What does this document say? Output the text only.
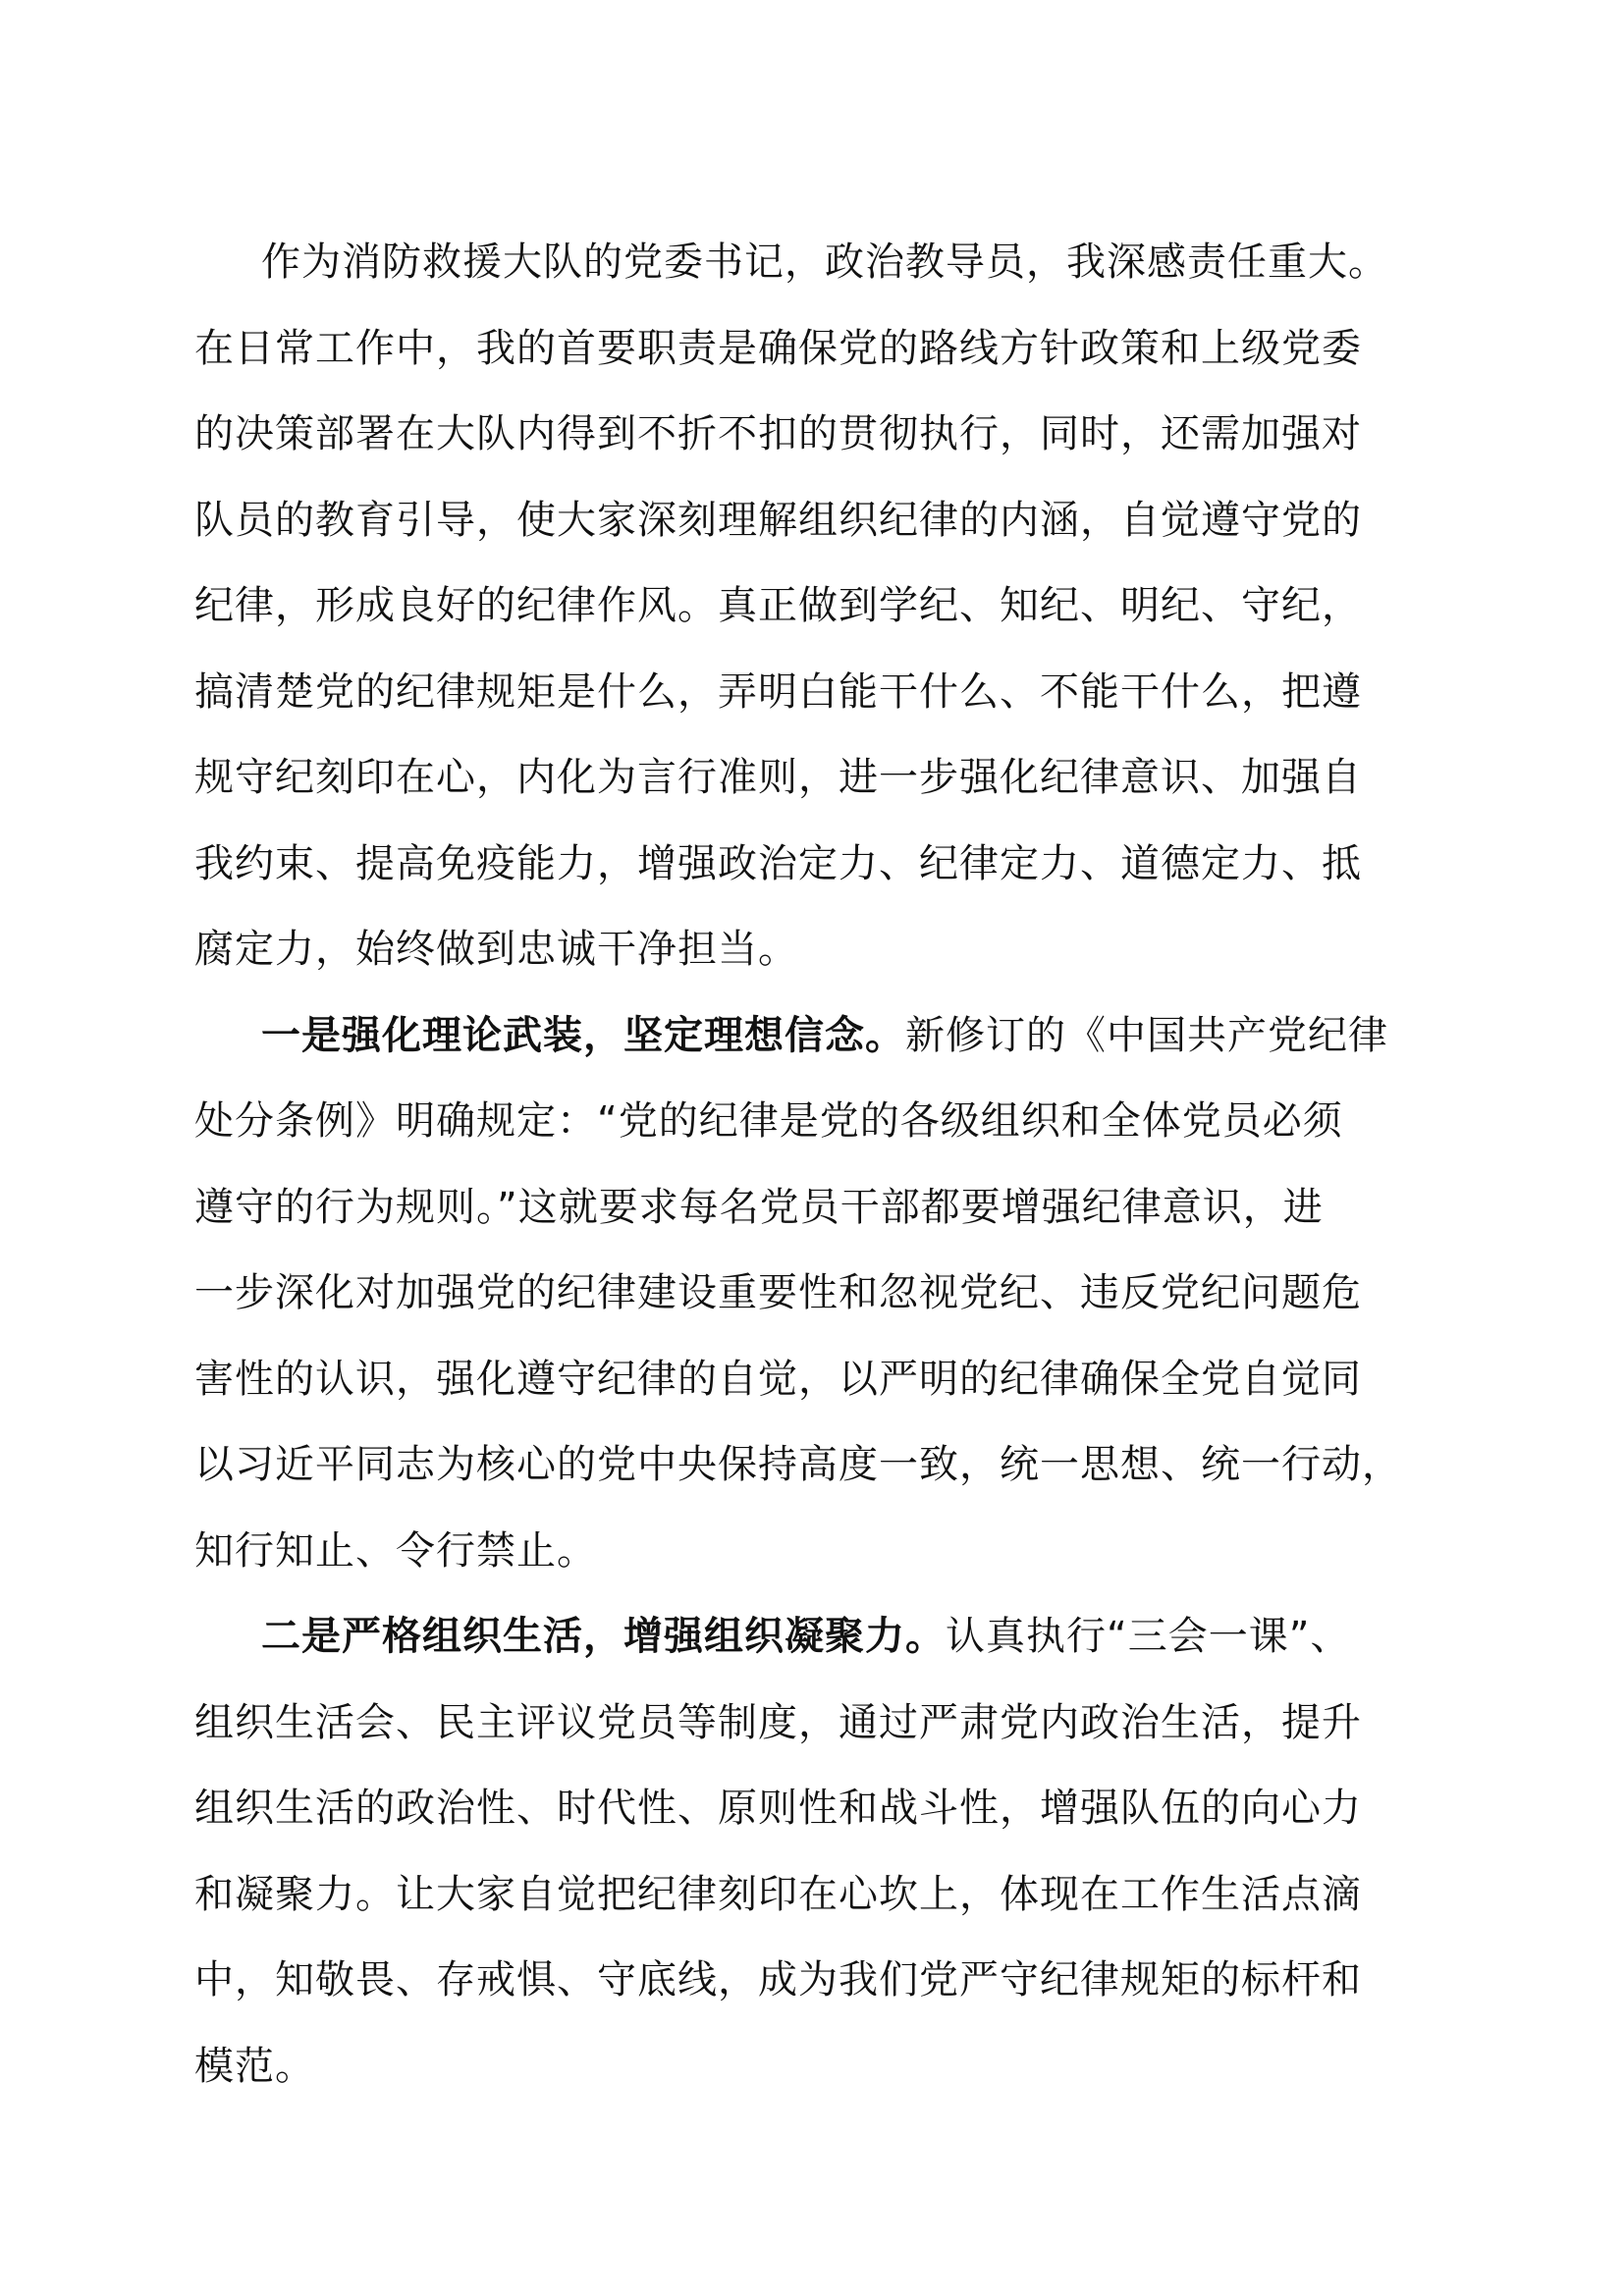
作为消防救援大队的党委书记，政治教导员，我深感责任重大。
在日常工作中，我的首要职责是确保党的路线方针政策和上级党委
的决策部署在大队内得到不折不扣的贯彻执行，同时，还需加强对
队员的教育引导，使大家深刻理解组织纪律的内涵，自觉遵守党的
纪律，形成良好的纪律作风。真正做到学纪、知纪、明纪、守纪，
搞清楚党的纪律规矩是什么，弄明白能干什么、不能干什么，把遵
规守纪刻印在心，内化为言行准则，进一步强化纪律意识、加强自
我约束、提高免疫能力，增强政治定力、纪律定力、道德定力、抵
腐定力，始终做到忠诚干净担当。
一是强化理论武装，坚定理想信念。新修订的《中国共产党纪律
处分条例》明确规定：“党的纪律是党的各级组织和全体党员必须
遵守的行为规则。”这就要求每名党员干部都要增强纪律意识，进
一步深化对加强党的纪律建设重要性和忽视党纪、违反党纪问题危
害性的认识，强化遵守纪律的自觉，以严明的纪律确保全党自觉同
以习近平同志为核心的党中央保持高度一致，统一思想、统一行动，
知行知止、令行禁止。
二是严格组织生活，增强组织凝聚力。认真执行“三会一课”、
组织生活会、民主评议党员等制度，通过严肃党内政治生活，提升
组织生活的政治性、时代性、原则性和战斗性，增强队伍的向心力
和凝聚力。让大家自觉把纪律刻印在心坎上，体现在工作生活点滴
中，知敬畏、存戒惧、守底线，成为我们党严守纪律规矩的标杆和
模范。
